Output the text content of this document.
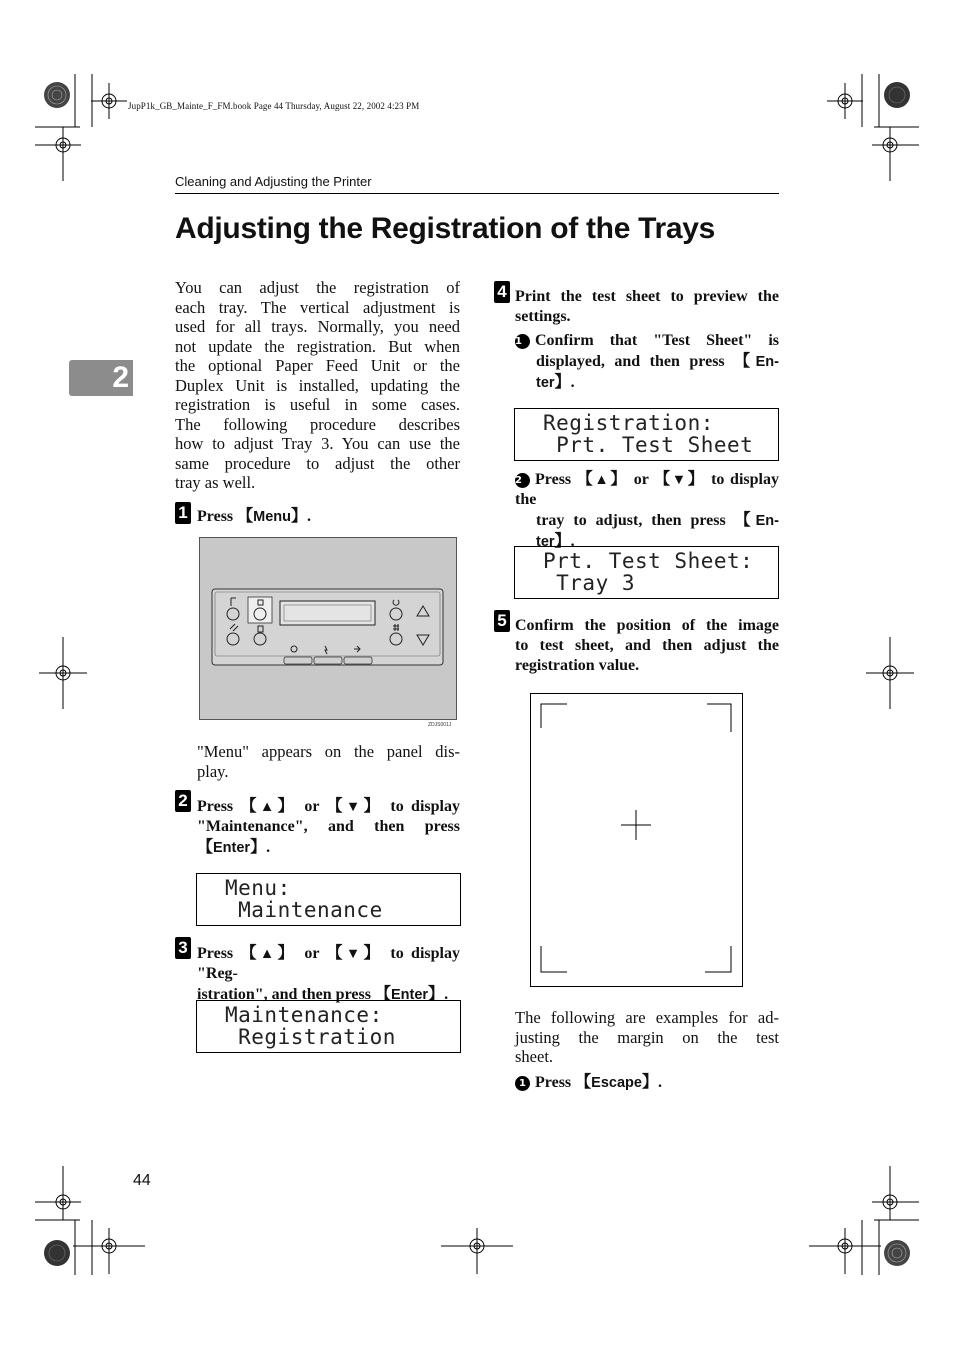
JupP1k_GB_Mainte_F_FM.book Page 44 Thursday, August 22, 2002 4:23 PM
Cleaning and Adjusting the Printer
Adjusting the Registration of the Trays
2
44
You can adjust the registration of
each tray. The vertical adjustment is
used for all trays. Normally, you need
not update the registration. But when
the optional Paper Feed Unit or the
Duplex Unit is installed, updating the
registration is useful in some cases.
The following procedure describes
how to adjust Tray 3. You can use the
same procedure to adjust the other
tray as well.
1 Press 【Menu】.
ZDJS001J
"Menu" appears on the panel dis-
play.
2 Press 【▲】 or 【▼】 to display
"Maintenance", and then press
【Enter】.
Menu:
Maintenance
3 Press 【▲】 or 【▼】 to display "Reg-
istration", and then press 【Enter】.
Maintenance:
Registration
4 Print the test sheet to preview the
settings.
1 Confirm that "Test Sheet" is
displayed, and then press 【En-
ter】.
Registration:
Prt. Test Sheet
2 Press 【▲】 or 【▼】 to display the
tray to adjust, then press 【En-
ter】.
Prt. Test Sheet:
Tray 3
5 Confirm the position of the image
to test sheet, and then adjust the
registration value.
The following are examples for ad-
justing the margin on the test
sheet.
1 Press 【Escape】.
